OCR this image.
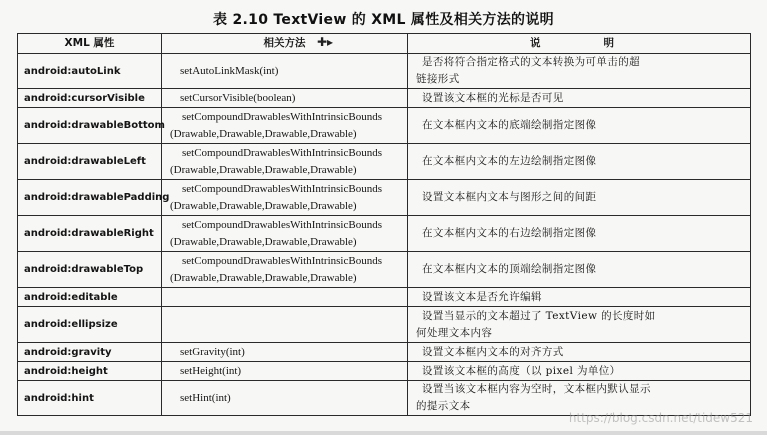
表 2.10 TextView 的 XML 属性及相关方法的说明
XML 属性	相关方法	说　　明
android:autoLink	setAutoLinkMask(int)	是否将符合指定格式的文本转换为可单击的超
链接形式

android:cursorVisible	setCursorVisible(boolean)	设置该文本框的光标是否可见

android:drawableBottom	setCompoundDrawablesWithIntrinsicBounds
(Drawable,Drawable,Drawable,Drawable)	在文本框内文本的底端绘制指定图像

android:drawableLeft	setCompoundDrawablesWithIntrinsicBounds
(Drawable,Drawable,Drawable,Drawable)	在文本框内文本的左边绘制指定图像

android:drawablePadding	setCompoundDrawablesWithIntrinsicBounds
(Drawable,Drawable,Drawable,Drawable)	设置文本框内文本与图形之间的间距

android:drawableRight	setCompoundDrawablesWithIntrinsicBounds
(Drawable,Drawable,Drawable,Drawable)	在文本框内文本的右边绘制指定图像

android:drawableTop	setCompoundDrawablesWithIntrinsicBounds
(Drawable,Drawable,Drawable,Drawable)	在文本框内文本的顶端绘制指定图像

android:editable		设置该文本是否允许编辑

android:ellipsize		设置当显示的文本超过了 TextView 的长度时如
何处理文本内容

android:gravity	setGravity(int)	设置文本框内文本的对齐方式

android:height	setHeight(int)	设置该文本框的高度（以 pixel 为单位）

android:hint	setHint(int)	设置当该文本框内容为空时，文本框内默认显示
的提示文本
✚▸
https://blog.csdn.net/tidew521
